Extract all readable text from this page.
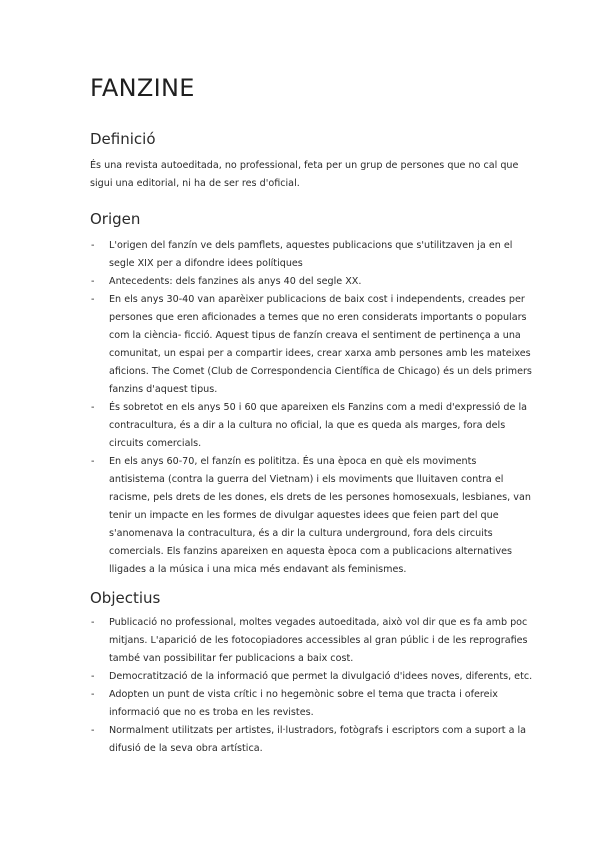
FANZINE
Definició

És una revista autoeditada, no professional, feta per un grup de persones que no cal que sigui una editorial, ni ha de ser res d'oficial.

Origen
- L'origen del fanzín ve dels pamflets, aquestes publicacions que s'utilitzaven ja en el segle XIX per a difondre idees polítiques
- Antecedents: dels fanzines als anys 40 del segle XX.
- En els anys 30-40 van aparèixer publicacions de baix cost i independents, creades per persones que eren aficionades a temes que no eren considerats importants o populars com la ciència- ficció. Aquest tipus de fanzín creava el sentiment de pertinença a una comunitat, un espai per a compartir idees, crear xarxa amb persones amb les mateixes aficions. The Comet (Club de Correspondencia Científica de Chicago) és un dels primers fanzins d'aquest tipus.
- És sobretot en els anys 50 i 60 que apareixen els Fanzins com a medi d'expressió de la contracultura, és a dir a la cultura no oficial, la que es queda als marges, fora dels circuits comercials.
- En els anys 60-70, el fanzín es polititza. És una època en què els moviments antisistema (contra la guerra del Vietnam) i els moviments que lluitaven contra el racisme, pels drets de les dones, els drets de les persones homosexuals, lesbianes, van tenir un impacte en les formes de divulgar aquestes idees que feien part del que s'anomenava la contracultura, és a dir la cultura underground, fora dels circuits comercials. Els fanzins apareixen en aquesta època com a publicacions alternatives lligades a la música i una mica més endavant als feminismes.
Objectius
- Publicació no professional, moltes vegades autoeditada, això vol dir que es fa amb poc mitjans. L'aparició de les fotocopiadores accessibles al gran públic i de les reprografies també van possibilitar fer publicacions a baix cost.
- Democratització de la informació que permet la divulgació d'idees noves, diferents, etc.
- Adopten un punt de vista crític i no hegemònic sobre el tema que tracta i ofereix informació que no es troba en les revistes.
- Normalment utilitzats per artistes, il·lustradors, fotògrafs i escriptors com a suport a la difusió de la seva obra artística.
